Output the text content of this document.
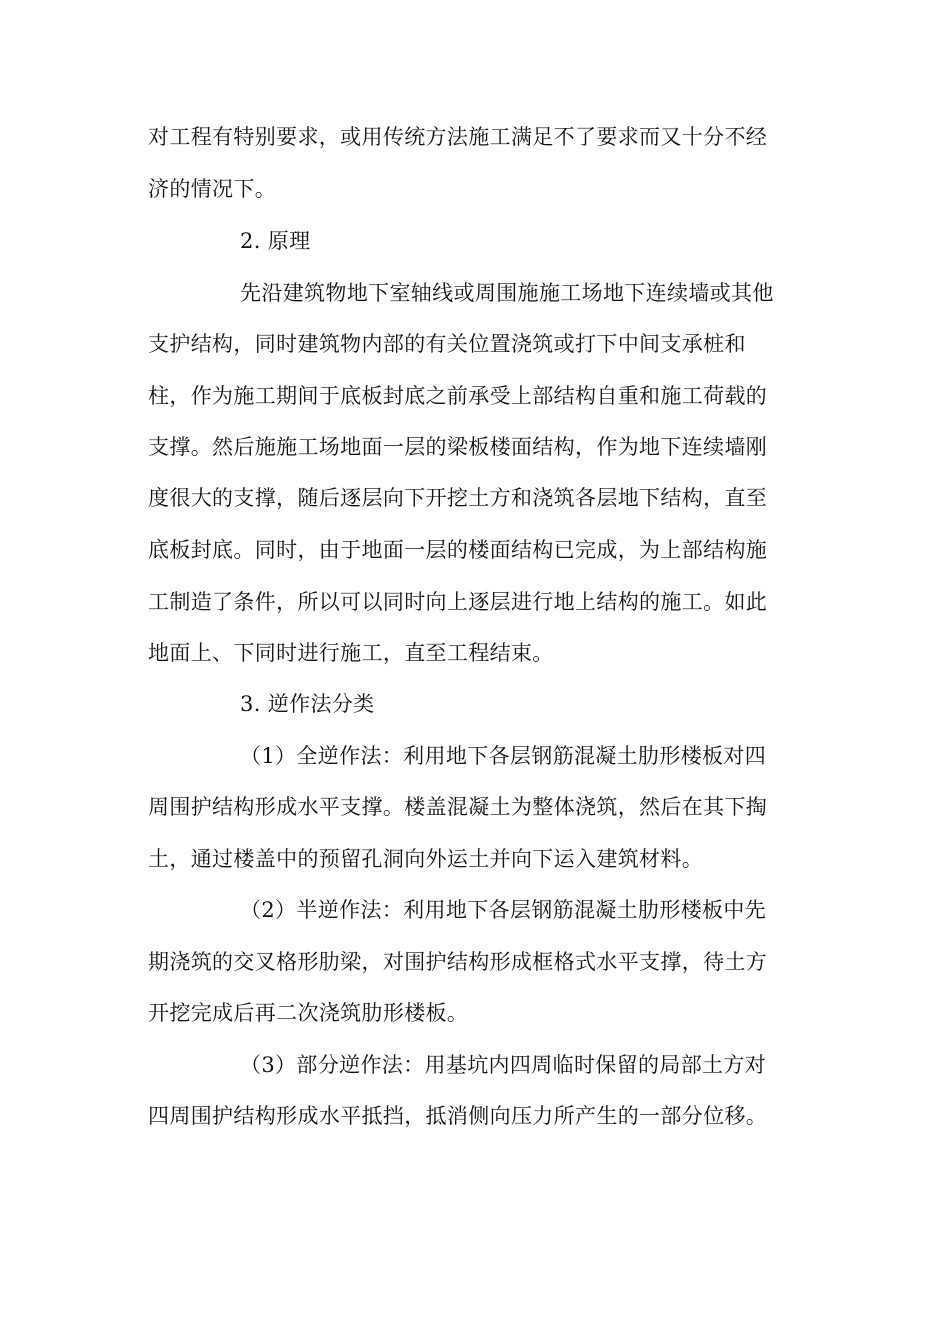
对工程有特别要求，或用传统方法施工满足不了要求而又十分不经
济的情况下。
2. 原理
先沿建筑物地下室轴线或周围施施工场地下连续墙或其他
支护结构，同时建筑物内部的有关位置浇筑或打下中间支承桩和
柱，作为施工期间于底板封底之前承受上部结构自重和施工荷载的
支撑。然后施施工场地面一层的梁板楼面结构，作为地下连续墙刚
度很大的支撑，随后逐层向下开挖土方和浇筑各层地下结构，直至
底板封底。同时，由于地面一层的楼面结构已完成，为上部结构施
工制造了条件，所以可以同时向上逐层进行地上结构的施工。如此
地面上、下同时进行施工，直至工程结束。
3. 逆作法分类
（1）全逆作法：利用地下各层钢筋混凝土肋形楼板对四
周围护结构形成水平支撑。楼盖混凝土为整体浇筑，然后在其下掏
土，通过楼盖中的预留孔洞向外运土并向下运入建筑材料。
（2）半逆作法：利用地下各层钢筋混凝土肋形楼板中先
期浇筑的交叉格形肋梁，对围护结构形成框格式水平支撑，待土方
开挖完成后再二次浇筑肋形楼板。
（3）部分逆作法：用基坑内四周临时保留的局部土方对
四周围护结构形成水平抵挡，抵消侧向压力所产生的一部分位移。
